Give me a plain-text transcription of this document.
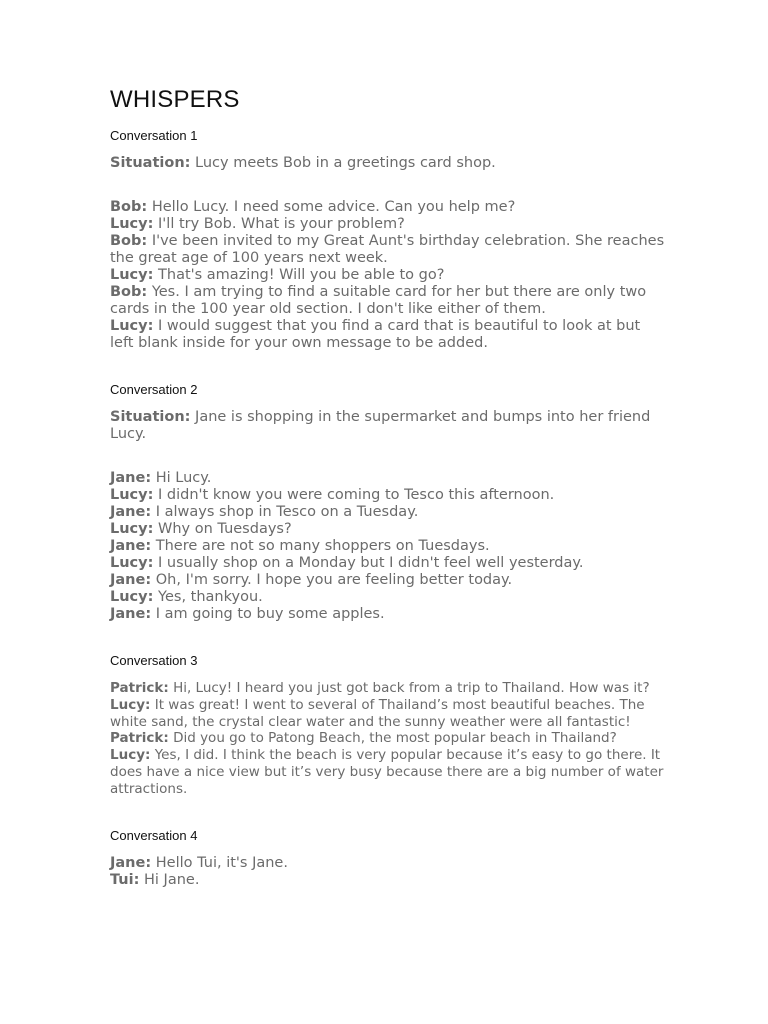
WHISPERS
Conversation 1
Situation: Lucy meets Bob in a greetings card shop.
Bob: Hello Lucy. I need some advice. Can you help me?
Lucy: I'll try Bob. What is your problem?
Bob: I've been invited to my Great Aunt's birthday celebration. She reaches the great age of 100 years next week.
Lucy: That's amazing! Will you be able to go?
Bob: Yes. I am trying to find a suitable card for her but there are only two cards in the 100 year old section. I don't like either of them.
Lucy: I would suggest that you find a card that is beautiful to look at but left blank inside for your own message to be added.
Conversation 2
Situation: Jane is shopping in the supermarket and bumps into her friend Lucy.
Jane: Hi Lucy.
Lucy: I didn't know you were coming to Tesco this afternoon.
Jane: I always shop in Tesco on a Tuesday.
Lucy: Why on Tuesdays?
Jane: There are not so many shoppers on Tuesdays.
Lucy: I usually shop on a Monday but I didn't feel well yesterday.
Jane: Oh, I'm sorry. I hope you are feeling better today.
Lucy: Yes, thankyou.
Jane: I am going to buy some apples.
Conversation 3
Patrick: Hi, Lucy! I heard you just got back from a trip to Thailand. How was it?
Lucy: It was great! I went to several of Thailand’s most beautiful beaches. The white sand, the crystal clear water and the sunny weather were all fantastic!
Patrick: Did you go to Patong Beach, the most popular beach in Thailand?
Lucy: Yes, I did. I think the beach is very popular because it’s easy to go there. It does have a nice view but it’s very busy because there are a big number of water attractions.
Conversation 4
Jane: Hello Tui, it's Jane.
Tui: Hi Jane.
